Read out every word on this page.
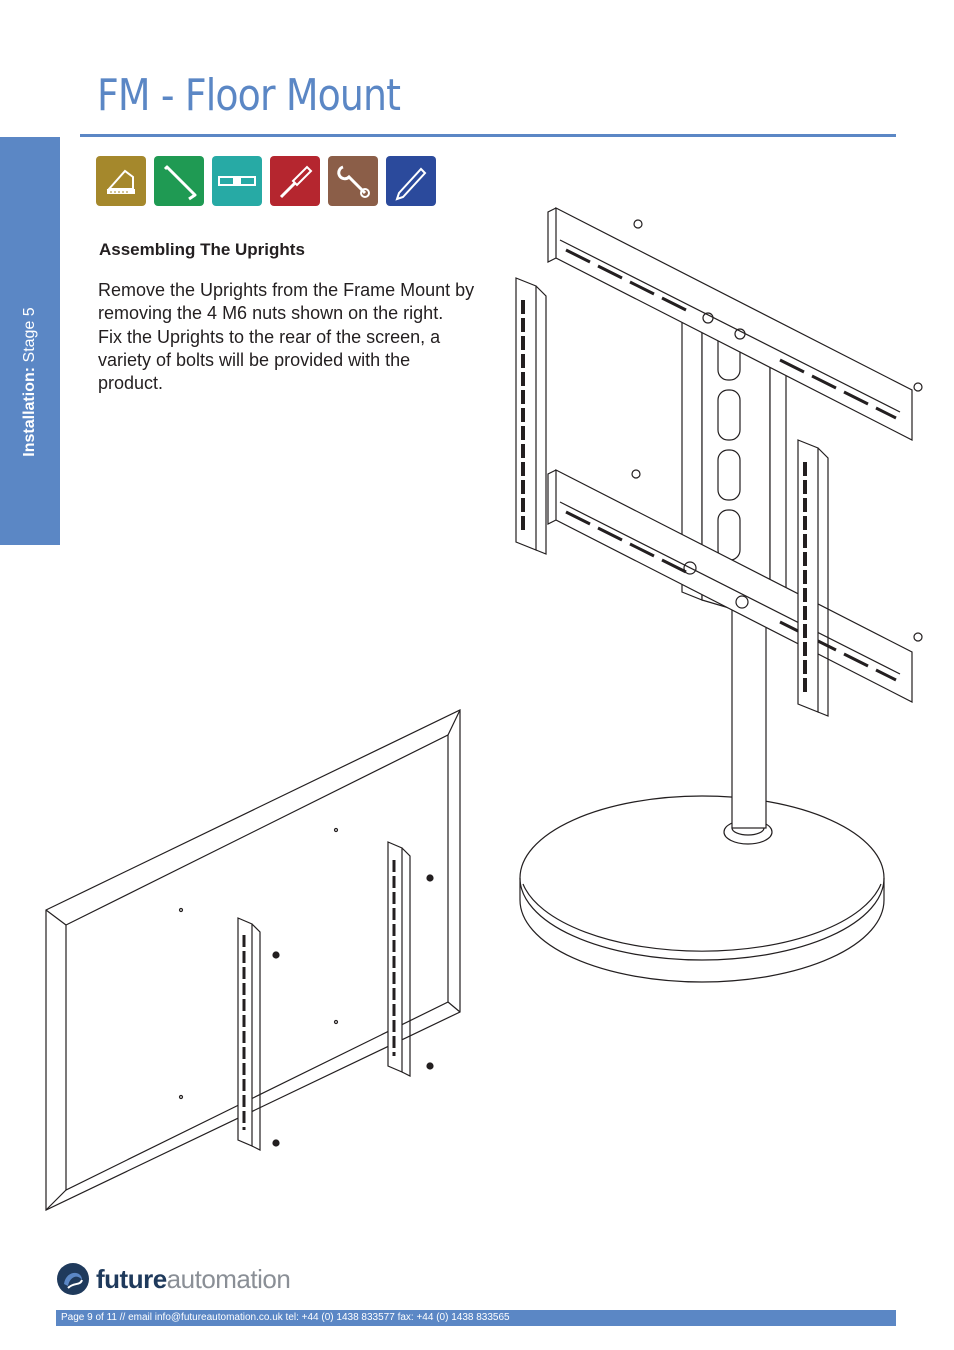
Installation: Stage 5
FM - Floor Mount
Assembling The Uprights

Remove the Uprights from the Frame Mount by removing the 4 M6 nuts shown on the right.

Fix the Uprights to the rear of the screen, a variety of bolts will be provided with the product.

futureautomation
Page 9 of 11 // email info@futureautomation.co.uk tel: +44 (0) 1438 833577 fax: +44 (0) 1438 833565
